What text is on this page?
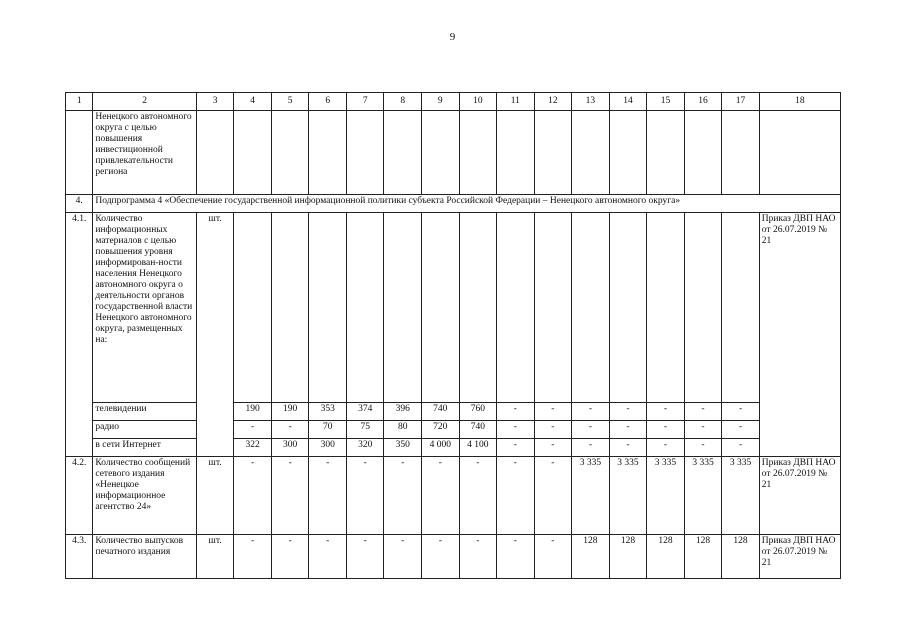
9
1	2	3	4	5	6	7	8	9	10	11	12	13	14	15	16	17	18
	Ненецкого автономного округа с целью повышения инвестиционной привлекательности региона																
4.	Подпрограмма 4 «Обеспечение государственной информационной политики субъекта Российской Федерации – Ненецкого автономного округа»																
4.1.	Количество информационных материалов с целью повышения уровня информирован-ности населения Ненецкого автономного округа о деятельности органов государственной власти Ненецкого автономного округа, размещенных на:	шт.															Приказ ДВП НАО от 26.07.2019 № 21
	телевидении		190	190	353	374	396	740	760	-	-	-	-	-	-	-	
	радио		-	-	70	75	80	720	740	-	-	-	-	-	-	-	
	в сети Интернет		322	300	300	320	350	4 000	4 100	-	-	-	-	-	-	-	
4.2.	Количество сообщений сетевого издания «Ненецкое информационное агентство 24»	шт.	-	-	-	-	-	-	-	-	-	3 335	3 335	3 335	3 335	3 335	Приказ ДВП НАО от 26.07.2019 № 21
4.3.	Количество выпусков печатного издания	шт.	-	-	-	-	-	-	-	-	-	128	128	128	128	128	Приказ ДВП НАО от 26.07.2019 № 21
